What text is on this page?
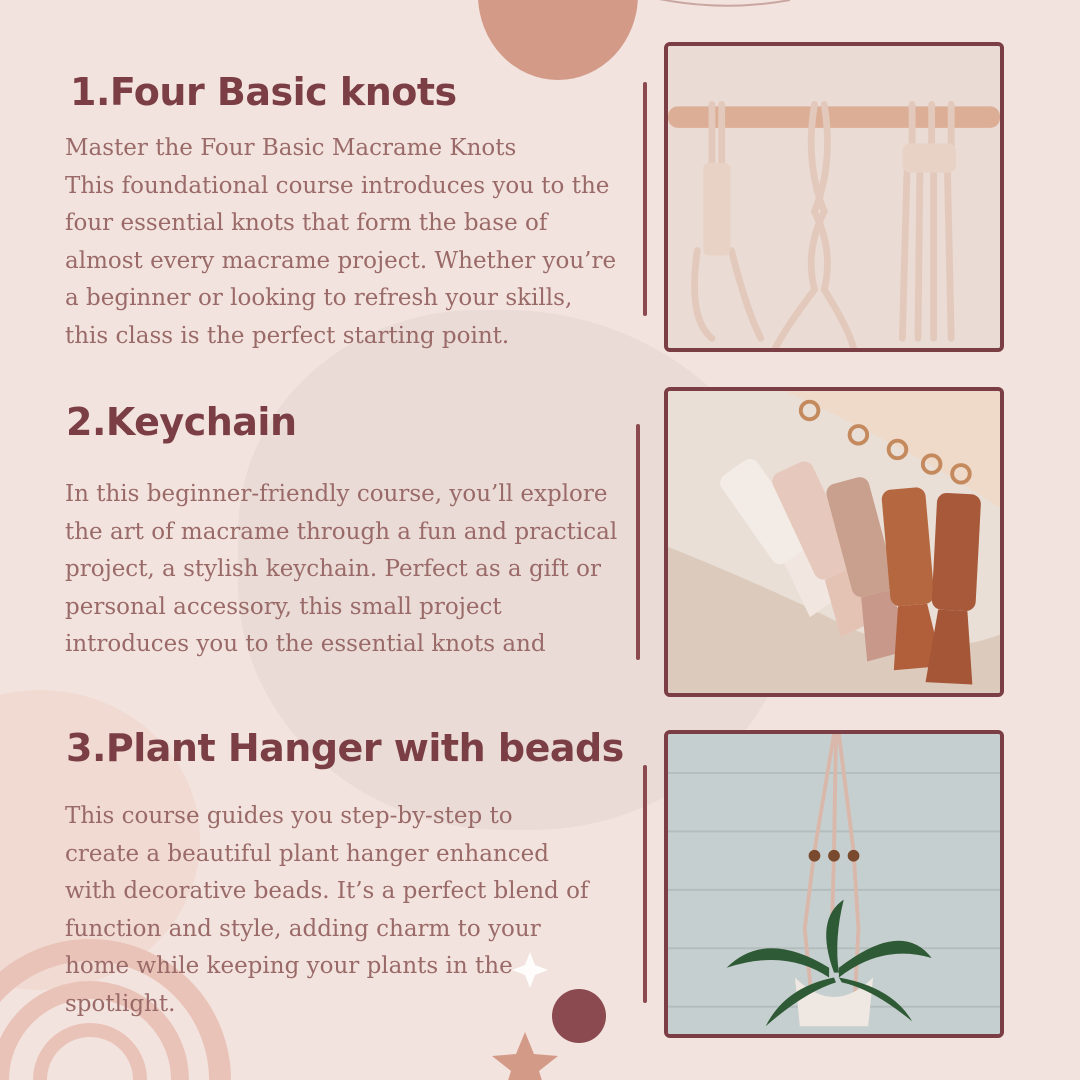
1.Four Basic knots
Master the Four Basic Macrame Knots
This foundational course introduces you to the
four essential knots that form the base of
almost every macrame project. Whether you’re
a beginner or looking to refresh your skills,
this class is the perfect starting point.
2.Keychain
In this beginner-friendly course, you’ll explore
the art of macrame through a fun and practical
project, a stylish keychain. Perfect as a gift or
personal accessory, this small project
introduces you to the essential knots and
3.Plant Hanger with beads
This course guides you step-by-step to
create a beautiful plant hanger enhanced
with decorative beads. It’s a perfect blend of
function and style, adding charm to your
home while keeping your plants in the
spotlight.
